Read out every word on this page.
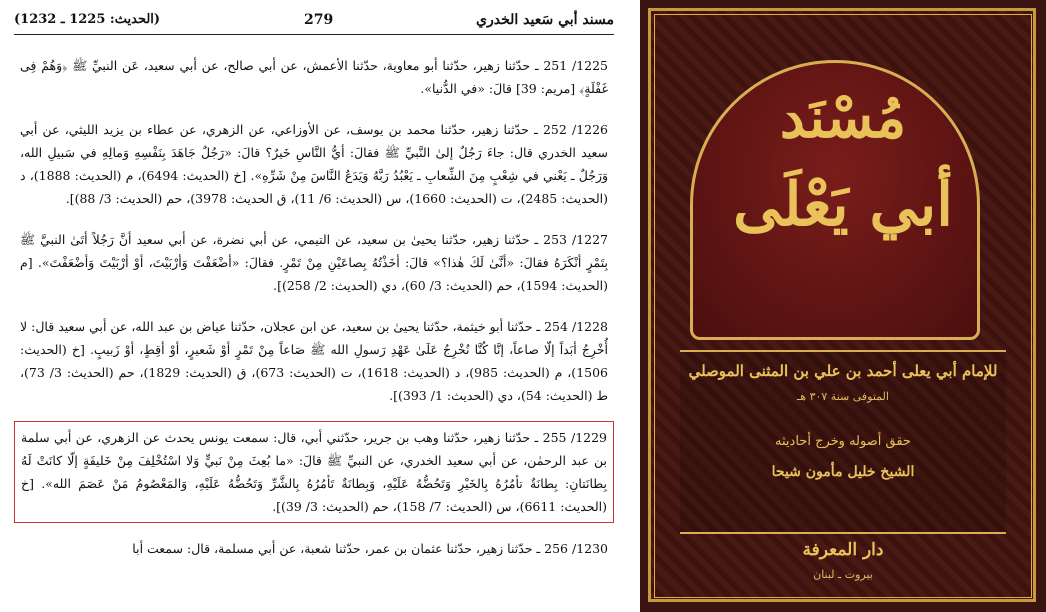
مسند أبي سَعيد الخدري
279
(الحديث: 1225 ـ 1232)

1225/ 251 ـ حدّثنا زهير، حدّثنا أبو معاوية، حدّثنا الأعمش، عن أبي صالح، عن أبي سعيد، عَن النبيِّ ﷺ ﴿وَهُمْ فِى غَفْلَةٍ﴾ [مريم: 39] قالَ: «في الدُّنيا».

1226/ 252 ـ حدّثنا زهير، حدّثنا محمد بن يوسف، عن الأوزاعي، عن الزهري، عن عطاء بن يزيد الليثي، عن أبي سعيد الخدري قال: جاءَ رَجُلٌ إلىٰ النَّبيِّ ﷺ فقالَ: أيُّ النَّاسِ خَيرٌ؟ قالَ: «رَجُلٌ جَاهَدَ بِنَفْسِهِ وَمالِهِ في سَبيلِ الله، وَرَجُلٌ ـ يَعْني في شِعْبٍ مِنَ الشِّعابِ ـ يَعْبُدُ رَبَّهُ وَيَدَعُ النَّاسَ مِنْ شَرِّهِ». [خ (الحديث: 6494)، م (الحديث: 1888)، د (الحديث: 2485)، ت (الحديث: 1660)، س (الحديث: 6/ 11)، ق الحديث: 3978)، حم (الحديث: 3/ 88)].

1227/ 253 ـ حدّثنا زهير، حدّثنا يحيىٰ بن سعيد، عن التيمي، عن أبي نضرة، عن أبي سعيد أنَّ رَجُلاً أتَىٰ النبيَّ ﷺ بِتَمْرٍ أنْكَرَهُ فقالَ: «أنَّىٰ لَكَ هٰذا؟» قالَ: أخَذْتُهُ بِصاعَيْنِ مِنْ تَمْرٍ. فقالَ: «أضْعَفْتَ وَأرْبَيْتَ، أوْ أرْبَيْتَ وَأضْعَفْتَ». [م (الحديث: 1594)، حم (الحديث: 3/ 60)، دي (الحديث: 2/ 258)].

1228/ 254 ـ حدّثنا أبو خيثمة، حدّثنا يحيىٰ بن سعيد، عن ابن عجلان، حدّثنا عياض بن عبد الله، عن أبي سعيد قال: لا أُخْرِجُ أبَداً إلّا صاعاً، إنَّا كُنَّا نُخْرِجُ عَلَىٰ عَهْدِ رَسولِ الله ﷺ صَاعاً مِنْ تَمْرٍ أوْ شَعيرٍ، أوْ أقِطٍ، أوْ زَبيبٍ. [خ (الحديث: 1506)، م (الحديث: 985)، د (الحديث: 1618)، ت (الحديث: 673)، ق (الحديث: 1829)، حم (الحديث: 3/ 73)، ط (الحديث: 54)، دي (الحديث: 1/ 393)].

1229/ 255 ـ حدّثنا زهير، حدّثنا وهب بن جرير، حدّثني أبي، قال: سمعت يونس يحدث عن الزهري، عن أبي سلمة بن عبد الرحمٰن، عن أبي سعيد الخدري، عن النبيِّ ﷺ قالَ: «ما بُعِثَ مِنْ نَبيٍّ وَلا اسْتُخْلِفَ مِنْ خَليفَةٍ إلّا كانَتْ لَهُ بِطانَتانِ: بِطانَةٌ تأمُرُهُ بِالخَيْرِ وَتَحُضُّهُ عَلَيْهِ، وَبِطانَةٌ تَأمُرُهُ بِالشَّرِّ وَتَحُضُّهُ عَلَيْهِ، وَالمَعْصُومُ مَنْ عَصَمَ الله». [خ (الحديث: 6611)، س (الحديث: 7/ 158)، حم (الحديث: 3/ 39)].

1230/ 256 ـ حدّثنا زهير، حدّثنا عثمان بن عمر، حدّثنا شعبة، عن أبي مسلمة، قال: سمعت أبا

مُسْنَد
أبي يَعْلَى
للإمام أبي يعلى أحمد بن علي بن المثنى الموصلي
المتوفى سنة ٣٠٧ هـ
حقق أصوله وخرج أحاديثه
الشيخ خليل مأمون شيحا
دار المعرفة
بيروت ـ لبنان
